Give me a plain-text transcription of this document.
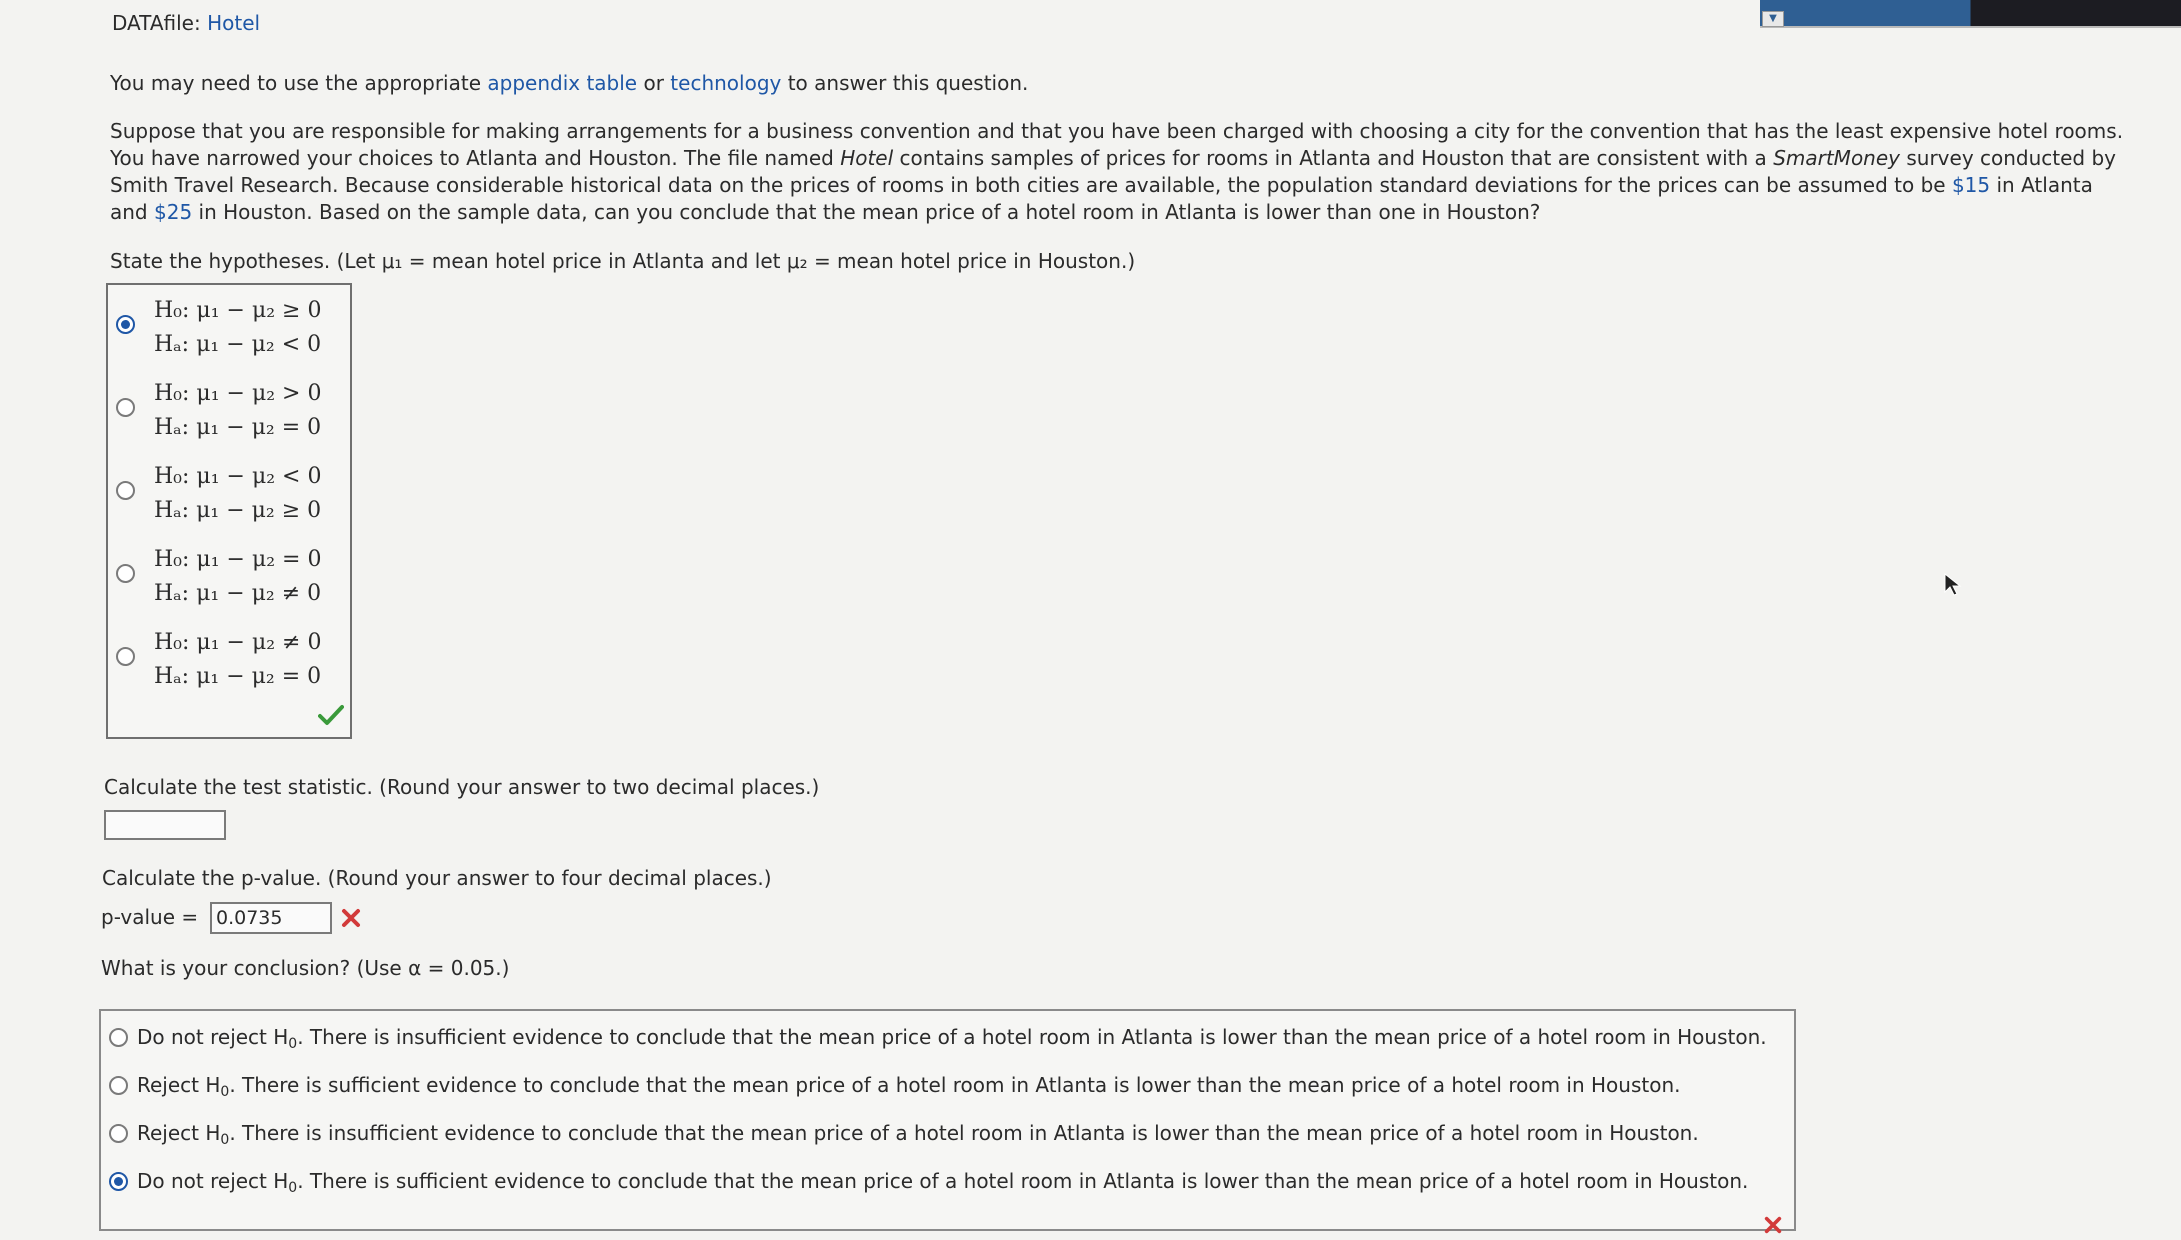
▼
DATAfile: Hotel
You may need to use the appropriate appendix table or technology to answer this question.
Suppose that you are responsible for making arrangements for a business convention and that you have been charged with choosing a city for the convention that has the least expensive hotel rooms.
You have narrowed your choices to Atlanta and Houston. The file named Hotel contains samples of prices for rooms in Atlanta and Houston that are consistent with a SmartMoney survey conducted by
Smith Travel Research. Because considerable historical data on the prices of rooms in both cities are available, the population standard deviations for the prices can be assumed to be $15 in Atlanta
and $25 in Houston. Based on the sample data, can you conclude that the mean price of a hotel room in Atlanta is lower than one in Houston?
State the hypotheses. (Let μ₁ = mean hotel price in Atlanta and let μ₂ = mean hotel price in Houston.)
H₀: μ₁ − μ₂ ≥ 0
Hₐ: μ₁ − μ₂ < 0
H₀: μ₁ − μ₂ > 0
Hₐ: μ₁ − μ₂ = 0
H₀: μ₁ − μ₂ < 0
Hₐ: μ₁ − μ₂ ≥ 0
H₀: μ₁ − μ₂ = 0
Hₐ: μ₁ − μ₂ ≠ 0
H₀: μ₁ − μ₂ ≠ 0
Hₐ: μ₁ − μ₂ = 0
Calculate the test statistic. (Round your answer to two decimal places.)
Calculate the p-value. (Round your answer to four decimal places.)
p-value = 0.0735
What is your conclusion? (Use α = 0.05.)
Do not reject $H_0$. There is insufficient evidence to conclude that the mean price of a hotel room in Atlanta is lower than the mean price of a hotel room in Houston.
Reject $H_0$. There is sufficient evidence to conclude that the mean price of a hotel room in Atlanta is lower than the mean price of a hotel room in Houston.
Reject $H_0$. There is insufficient evidence to conclude that the mean price of a hotel room in Atlanta is lower than the mean price of a hotel room in Houston.
Do not reject $H_0$. There is sufficient evidence to conclude that the mean price of a hotel room in Atlanta is lower than the mean price of a hotel room in Houston.
